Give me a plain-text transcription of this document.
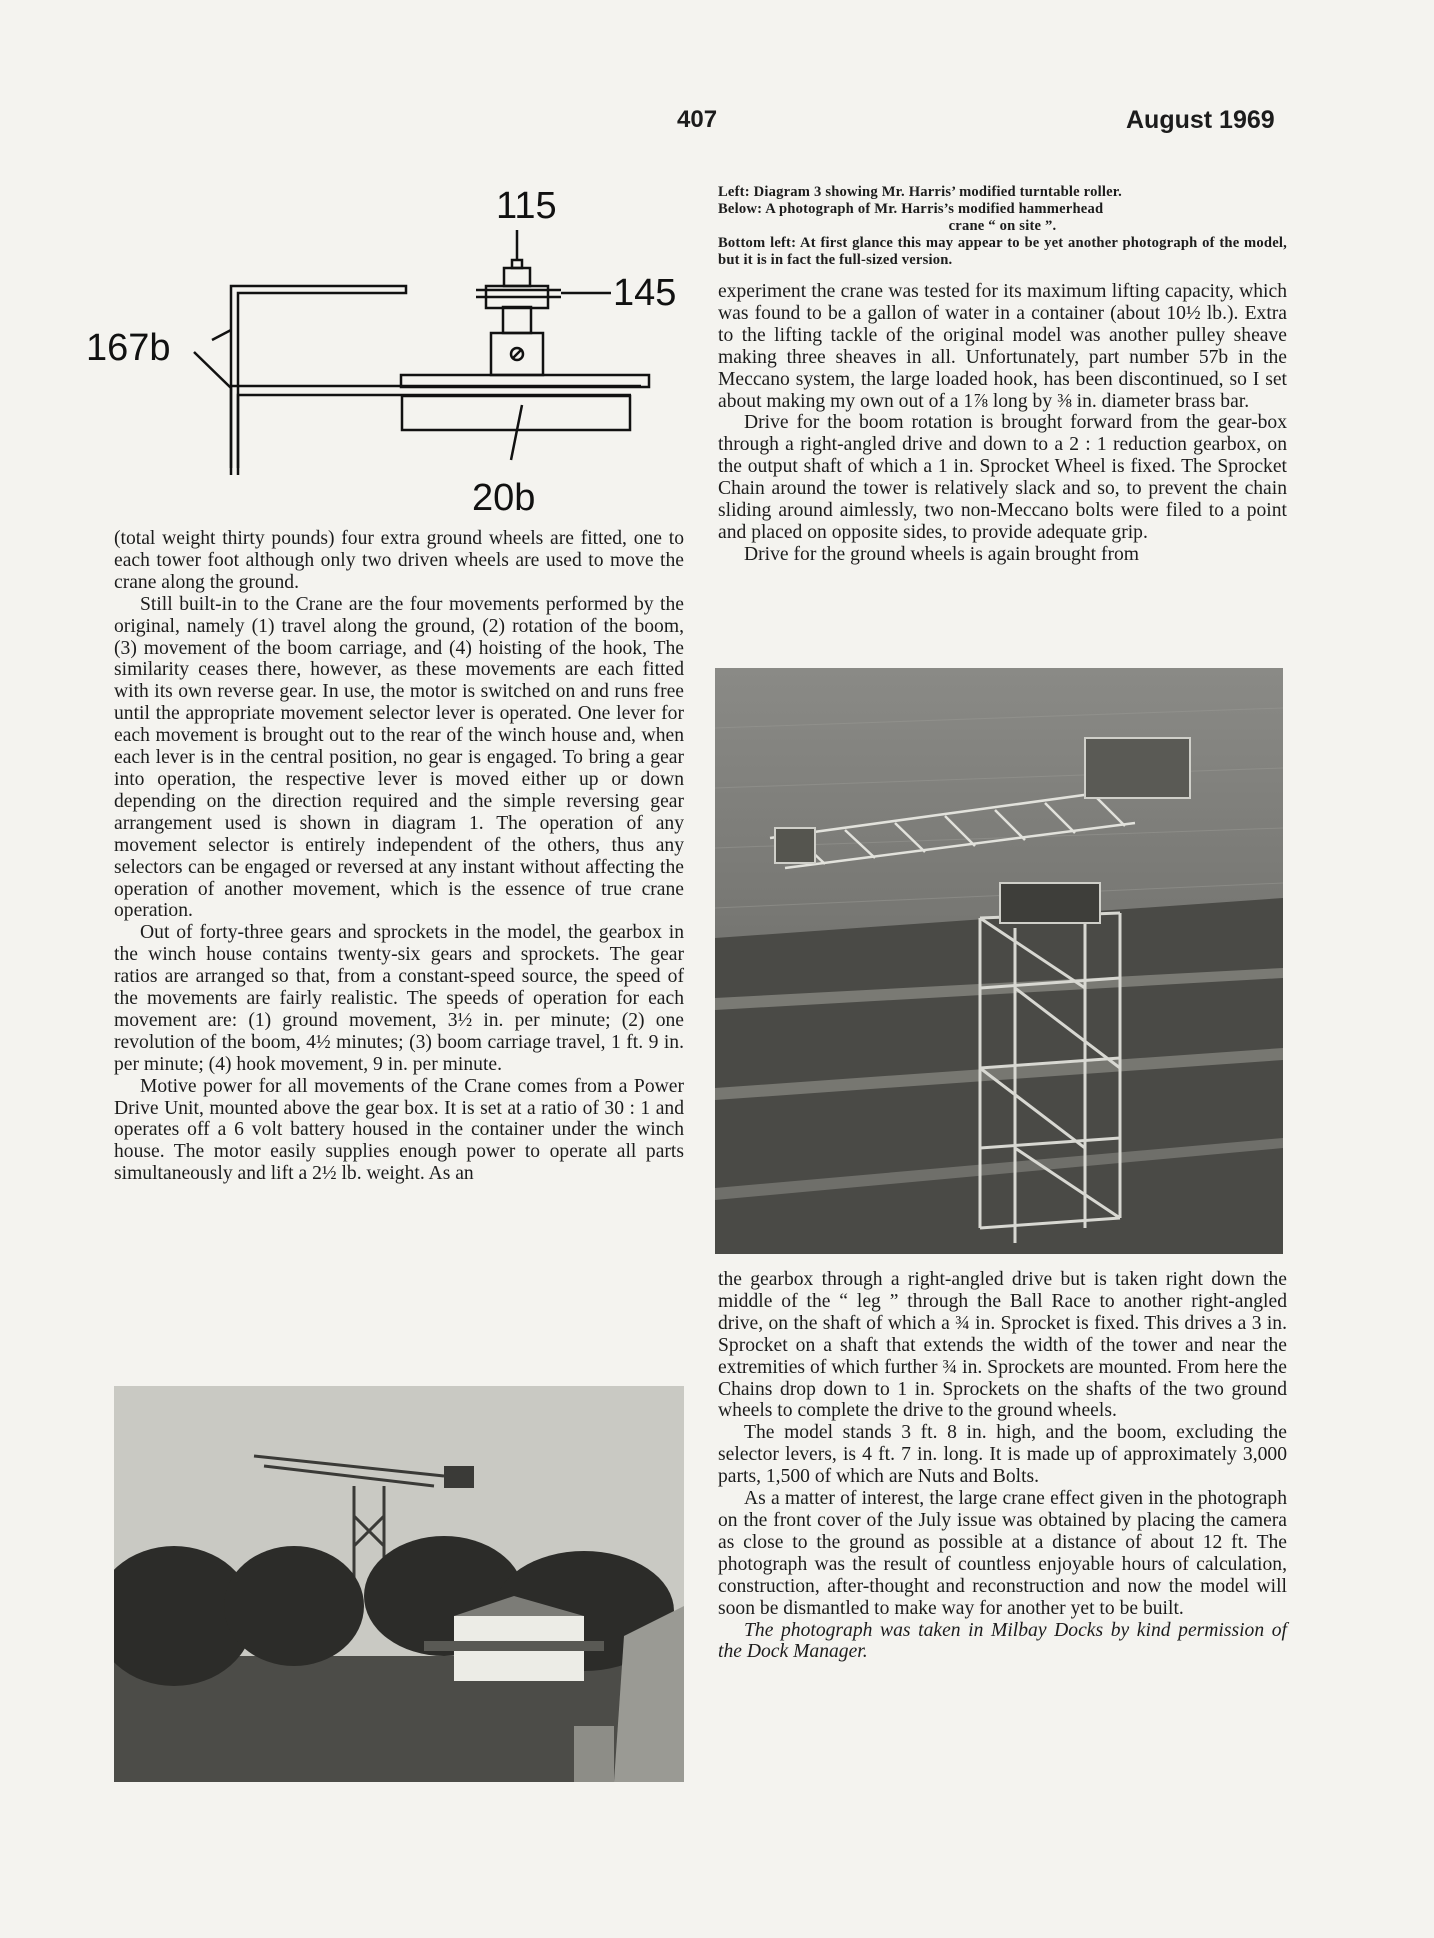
407	August 1969
115
145
167b
20b

Left: Diagram 3 showing Mr. Harris’ modified turntable roller.

Below: A photograph of Mr. Harris’s modified hammerhead

crane “ on site ”.

Bottom left: At first glance this may appear to be yet another photograph of the model, but it is in fact the full-sized version.

(total weight thirty pounds) four extra ground wheels are fitted, one to each tower foot although only two driven wheels are used to move the crane along the ground.

Still built-in to the Crane are the four movements performed by the original, namely (1) travel along the ground, (2) rotation of the boom, (3) movement of the boom carriage, and (4) hoisting of the hook, The similarity ceases there, however, as these movements are each fitted with its own reverse gear. In use, the motor is switched on and runs free until the appropriate movement selector lever is operated. One lever for each movement is brought out to the rear of the winch house and, when each lever is in the central position, no gear is engaged. To bring a gear into operation, the respective lever is moved either up or down depending on the direction required and the simple reversing gear arrangement used is shown in diagram 1. The operation of any movement selector is entirely independent of the others, thus any selectors can be engaged or reversed at any instant without affecting the operation of another movement, which is the essence of true crane operation.

Out of forty-three gears and sprockets in the model, the gearbox in the winch house contains twenty-six gears and sprockets. The gear ratios are arranged so that, from a constant-speed source, the speed of the movements are fairly realistic. The speeds of operation for each movement are: (1) ground movement, 3½ in. per minute; (2) one revolution of the boom, 4½ minutes; (3) boom carriage travel, 1 ft. 9 in. per minute; (4) hook movement, 9 in. per minute.

Motive power for all movements of the Crane comes from a Power Drive Unit, mounted above the gear box. It is set at a ratio of 30 : 1 and operates off a 6 volt battery housed in the container under the winch house. The motor easily supplies enough power to operate all parts simultaneously and lift a 2½ lb. weight. As an

experiment the crane was tested for its maximum lifting capacity, which was found to be a gallon of water in a container (about 10½ lb.). Extra to the lifting tackle of the original model was another pulley sheave making three sheaves in all. Unfortunately, part number 57b in the Meccano system, the large loaded hook, has been discontinued, so I set about making my own out of a 1⅞ long by ⅜ in. diameter brass bar.

Drive for the boom rotation is brought forward from the gear-box through a right-angled drive and down to a 2 : 1 reduction gearbox, on the output shaft of which a 1 in. Sprocket Wheel is fixed. The Sprocket Chain around the tower is relatively slack and so, to prevent the chain sliding around aimlessly, two non-Meccano bolts were filed to a point and placed on opposite sides, to provide adequate grip.

Drive for the ground wheels is again brought from

the gearbox through a right-angled drive but is taken right down the middle of the “ leg ” through the Ball Race to another right-angled drive, on the shaft of which a ¾ in. Sprocket is fixed. This drives a 3 in. Sprocket on a shaft that extends the width of the tower and near the extremities of which further ¾ in. Sprockets are mounted. From here the Chains drop down to 1 in. Sprockets on the shafts of the two ground wheels to complete the drive to the ground wheels.

The model stands 3 ft. 8 in. high, and the boom, excluding the selector levers, is 4 ft. 7 in. long. It is made up of approximately 3,000 parts, 1,500 of which are Nuts and Bolts.

As a matter of interest, the large crane effect given in the photograph on the front cover of the July issue was obtained by placing the camera as close to the ground as possible at a distance of about 12 ft. The photograph was the result of countless enjoyable hours of calculation, construction, after-thought and reconstruction and now the model will soon be dismantled to make way for another yet to be built.

The photograph was taken in Milbay Docks by kind permission of the Dock Manager.
